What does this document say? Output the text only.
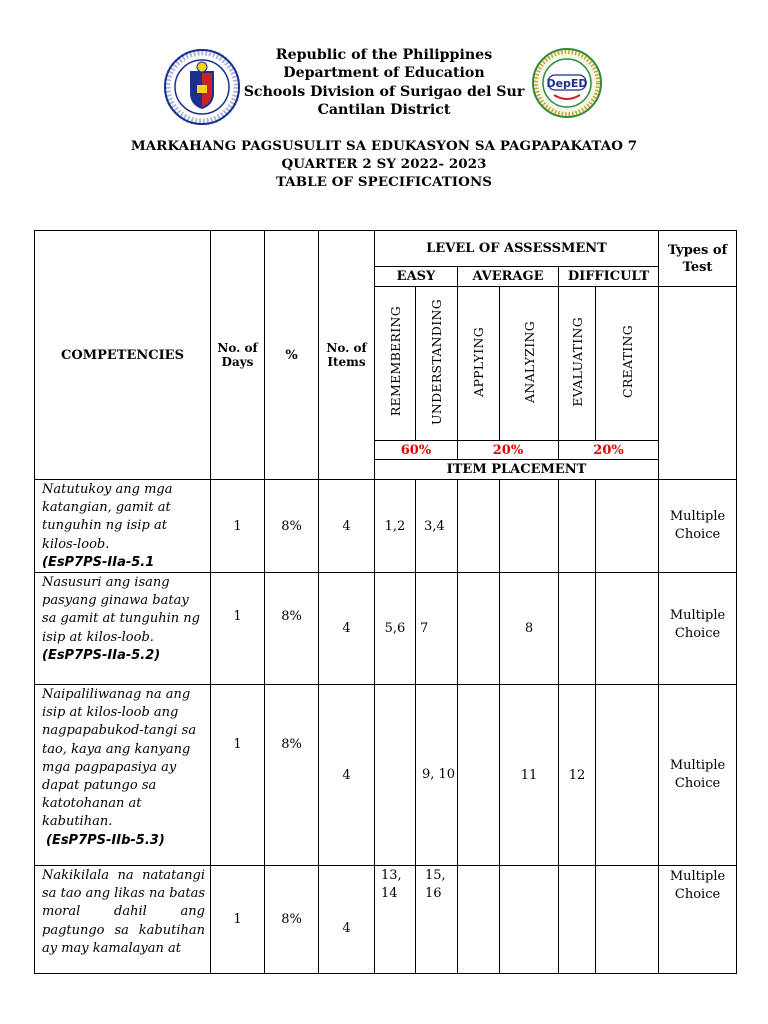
Republic of the Philippines
Department of Education
Schools Division of Surigao del Sur
Cantilan District
DepED
MARKAHANG PAGSUSULIT SA EDUKASYON SA PAGPAPAKATAO 7
QUARTER 2 SY 2022- 2023
TABLE OF SPECIFICATIONS
COMPETENCIES	No. of Days	%	No. of Items	LEVEL OF ASSESSMENT						Types of Test
				EASY		AVERAGE		DIFFICULT		
				REMEMBERING	UNDERSTANDING	APPLYING	ANALYZING	EVALUATING	CREATING	
				60%		20%		20%		
				ITEM PLACEMENT						

Natutukoy ang mga katangian, gamit at tunguhin ng isip at kilos-loob.
(EsP7PS-IIa-5.1	1	8%	4	1,2	3,4					Multiple Choice

Nasusuri ang isang pasyang ginawa batay sa gamit at tunguhin ng isip at kilos-loob.
(EsP7PS-IIa-5.2)	1	8%	4	5,6	7		8			Multiple Choice

Naipaliliwanag na ang isip at kilos-loob ang nagpapabukod-tangi sa tao, kaya ang kanyang mga pagpapasiya ay dapat patungo sa katotohanan at kabutihan.
(EsP7PS-IIb-5.3)	1	8%	4		9, 10		11	12		Multiple Choice

Nakikilala na natatangi sa tao ang likas na batas moral dahil ang pagtungo sa kabutihan ay may kamalayan at	1	8%	4	13, 14	15, 16					Multiple Choice
